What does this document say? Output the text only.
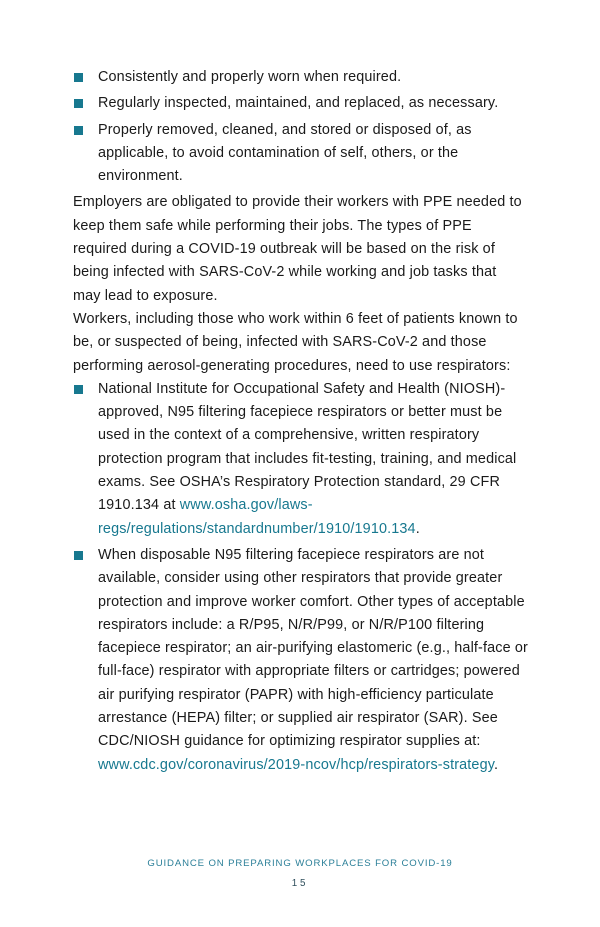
Consistently and properly worn when required.
Regularly inspected, maintained, and replaced, as necessary.
Properly removed, cleaned, and stored or disposed of, as applicable, to avoid contamination of self, others, or the environment.

Employers are obligated to provide their workers with PPE needed to keep them safe while performing their jobs. The types of PPE required during a COVID-19 outbreak will be based on the risk of being infected with SARS-CoV-2 while working and job tasks that may lead to exposure.

Workers, including those who work within 6 feet of patients known to be, or suspected of being, infected with SARS-CoV-2 and those performing aerosol-generating procedures, need to use respirators:

National Institute for Occupational Safety and Health (NIOSH)-approved, N95 filtering facepiece respirators or better must be used in the context of a comprehensive, written respiratory protection program that includes fit-testing, training, and medical exams. See OSHA’s Respiratory Protection standard, 29 CFR 1910.134 at www.osha.gov/laws-regs/regulations/standardnumber/1910/1910.134.
When disposable N95 filtering facepiece respirators are not available, consider using other respirators that provide greater protection and improve worker comfort. Other types of acceptable respirators include: a R/P95, N/R/P99, or N/R/P100 filtering facepiece respirator; an air-purifying elastomeric (e.g., half-face or full-face) respirator with appropriate filters or cartridges; powered air purifying respirator (PAPR) with high-efficiency particulate arrestance (HEPA) filter; or supplied air respirator (SAR). See CDC/NIOSH guidance for optimizing respirator supplies at: www.cdc.gov/coronavirus/2019-ncov/hcp/respirators-strategy.
GUIDANCE ON PREPARING WORKPLACES FOR COVID-19
15
